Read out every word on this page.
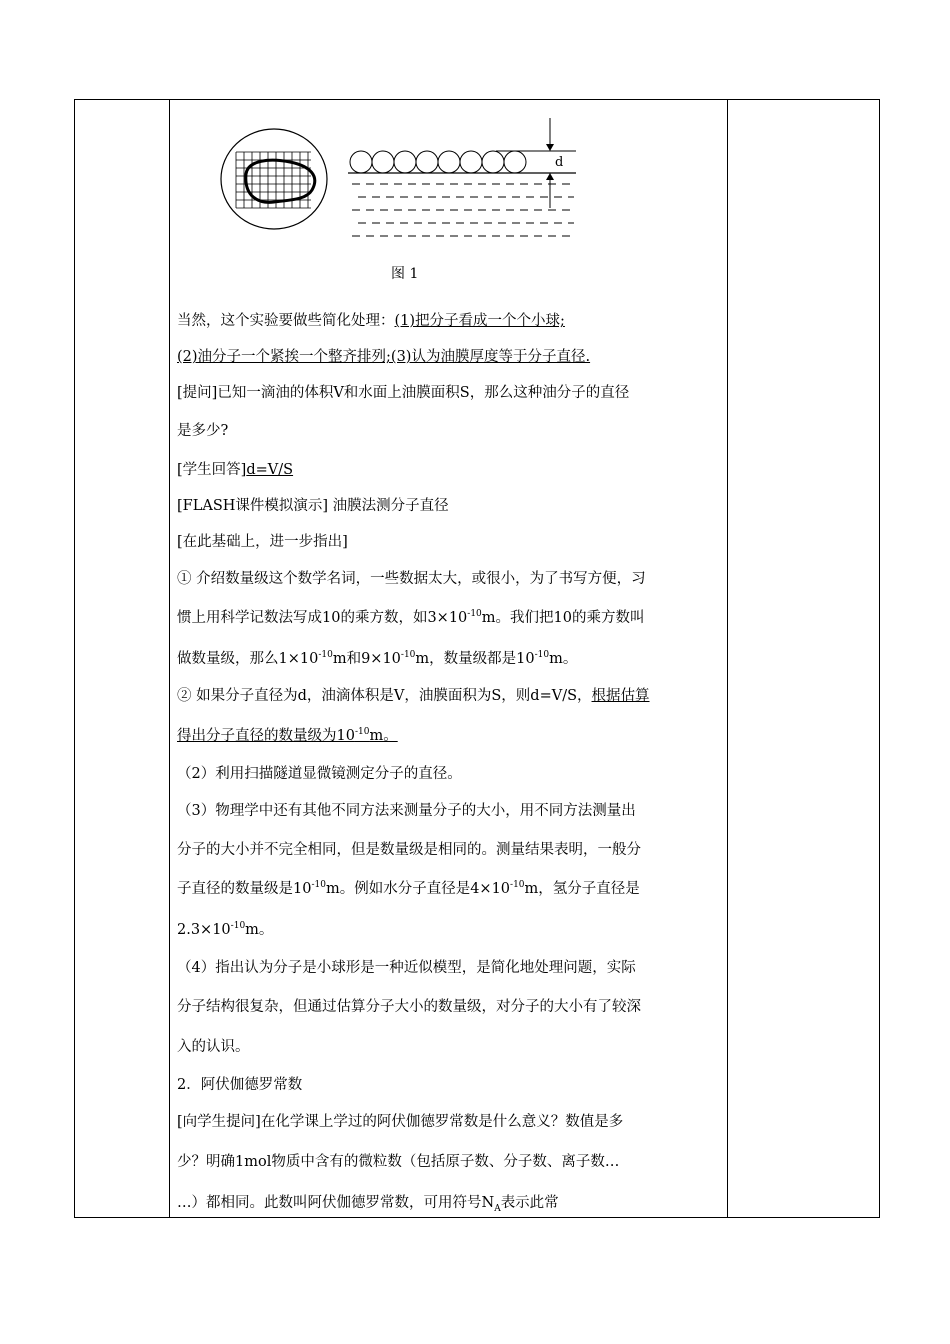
d
图 1
当然，这个实验要做些简化处理：(1)把分子看成一个个小球;
(2)油分子一个紧挨一个整齐排列;(3)认为油膜厚度等于分子直径.
[提问]已知一滴油的体积V和水面上油膜面积S，那么这种油分子的直径
是多少?
[学生回答]d=V/S
[FLASH课件模拟演示] 油膜法测分子直径
[在此基础上，进一步指出]
① 介绍数量级这个数学名词，一些数据太大，或很小，为了书写方便，习
惯上用科学记数法写成10的乘方数，如$3\times 10^{-10}m$。我们把10的乘方数叫
做数量级，那么$1\times 10^{-10}m$和$9\times 10^{-10}m$，数量级都是$10^{-10}m$。
② 如果分子直径为d，油滴体积是V，油膜面积为S，则d=V/S，根据估算
得出分子直径的数量级为$10^{-10}m$。
（2）利用扫描隧道显微镜测定分子的直径。
（3）物理学中还有其他不同方法来测量分子的大小，用不同方法测量出
分子的大小并不完全相同，但是数量级是相同的。测量结果表明，一般分
子直径的数量级是$10^{-10}m$。例如水分子直径是$4\times 10^{-10}m$，氢分子直径是
$2.3\times 10^{-10}m$。
（4）指出认为分子是小球形是一种近似模型，是简化地处理问题，实际
分子结构很复杂，但通过估算分子大小的数量级，对分子的大小有了较深
入的认识。
2．阿伏伽德罗常数
[向学生提问]在化学课上学过的阿伏伽德罗常数是什么意义？数值是多
少？明确1mol物质中含有的微粒数（包括原子数、分子数、离子数…
…）都相同。此数叫阿伏伽德罗常数，可用符号$N_A$表示此常
